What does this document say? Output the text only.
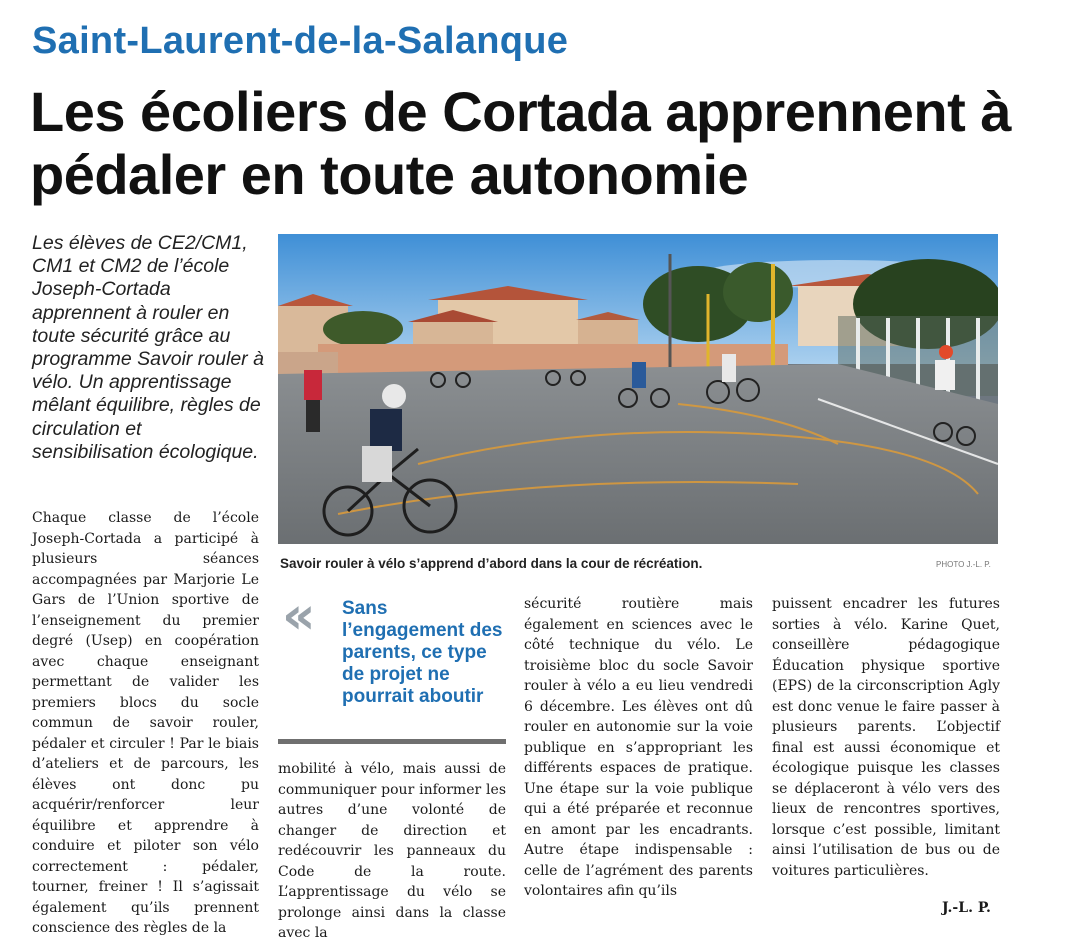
Saint-Laurent-de-la-Salanque
Les écoliers de Cortada apprennent à pédaler en toute autonomie
Les élèves de CE2/CM1, CM1 et CM2 de l’école Joseph-Cortada apprennent à rouler en toute sécurité grâce au programme Savoir rouler à vélo. Un apprentissage mêlant équilibre, règles de circulation et sensibilisation écologique.
Savoir rouler à vélo s’apprend d’abord dans la cour de récréation.	PHOTO J.-L. P.

Chaque classe de l’école Joseph-Cortada a participé à plusieurs séances accompagnées par Marjorie Le Gars de l’Union sportive de l’enseignement du premier degré (Usep) en coopération avec chaque enseignant permettant de valider les premiers blocs du socle commun de savoir rouler, pédaler et circuler ! Par le biais d’ateliers et de parcours, les élèves ont donc pu acquérir/renforcer leur équilibre et apprendre à conduire et piloter son vélo correctement : pédaler, tourner, freiner ! Il s’agissait également qu’ils prennent conscience des règles de la

« Sans l’engagement des parents, ce type de projet ne pourrait aboutir

mobilité à vélo, mais aussi de communiquer pour informer les autres d’une volonté de changer de direction et redécouvrir les panneaux du Code de la route. L’apprentissage du vélo se prolonge ainsi dans la classe avec la

sécurité routière mais également en sciences avec le côté technique du vélo. Le troisième bloc du socle Savoir rouler à vélo a eu lieu vendredi 6 décembre. Les élèves ont dû rouler en autonomie sur la voie publique en s’appropriant les différents espaces de pratique. Une étape sur la voie publique qui a été préparée et reconnue en amont par les encadrants. Autre étape indispensable : celle de l’agrément des parents volontaires afin qu’ils

puissent encadrer les futures sorties à vélo. Karine Quet, conseillère pédagogique Éducation physique sportive (EPS) de la circonscription Agly est donc venue le faire passer à plusieurs parents. L’objectif final est aussi économique et écologique puisque les classes se déplaceront à vélo vers des lieux de rencontres sportives, lorsque c’est possible, limitant ainsi l’utilisation de bus ou de voitures particulières.

J.-L. P.
